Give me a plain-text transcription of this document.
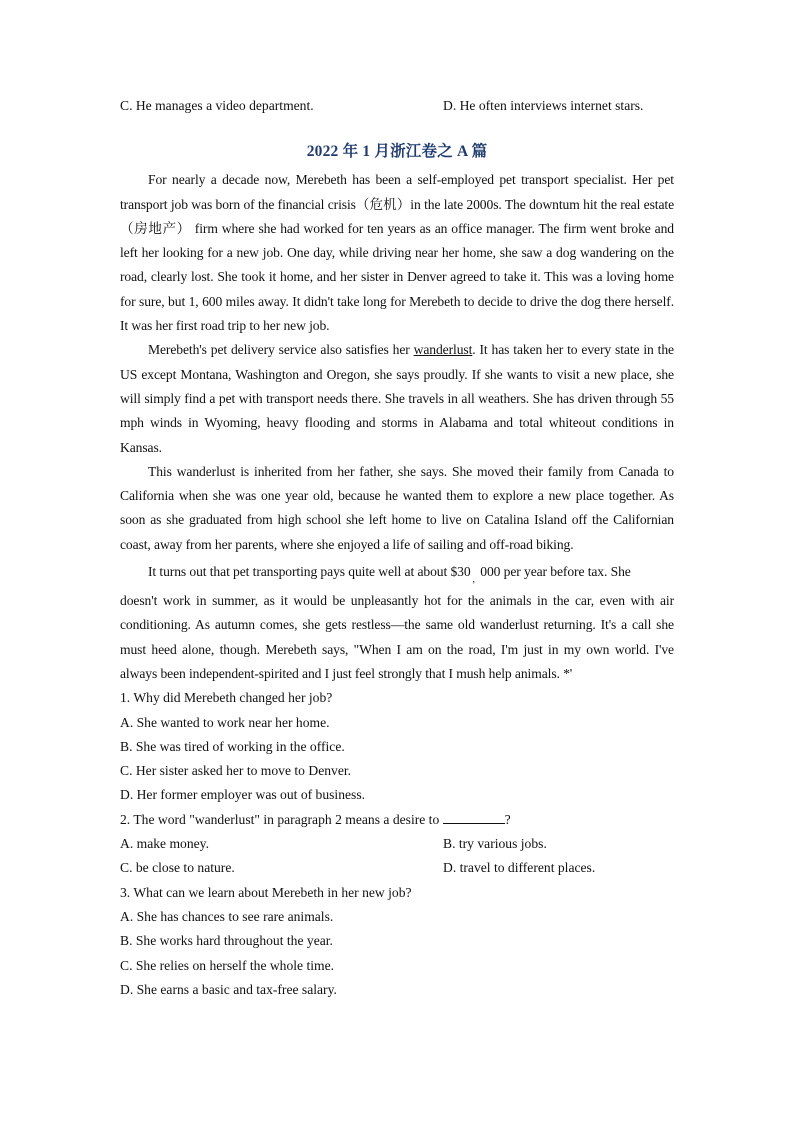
C. He manages a video department.	D. He often interviews internet stars.
2022 年 1 月浙江卷之 A 篇

For nearly a decade now, Merebeth has been a self-employed pet transport specialist. Her pet transport job was born of the financial crisis（危机）in the late 2000s. The downtum hit the real estate （房地产） firm where she had worked for ten years as an office manager. The firm went broke and left her looking for a new job. One day, while driving near her home, she saw a dog wandering on the road, clearly lost. She took it home, and her sister in Denver agreed to take it. This was a loving home for sure, but 1, 600 miles away. It didn't take long for Merebeth to decide to drive the dog there herself. It was her first road trip to her new job.

Merebeth's pet delivery service also satisfies her wanderlust. It has taken her to every state in the US except Montana, Washington and Oregon, she says proudly. If she wants to visit a new place, she will simply find a pet with transport needs there. She travels in all weathers. She has driven through 55 mph winds in Wyoming, heavy flooding and storms in Alabama and total whiteout conditions in Kansas.

This wanderlust is inherited from her father, she says. She moved their family from Canada to California when she was one year old, because he wanted them to explore a new place together. As soon as she graduated from high school she left home to live on Catalina Island off the Californian coast, away from her parents, where she enjoyed a life of sailing and off-road biking.

It turns out that pet transporting pays quite well at about $\$30_,$ 000 per year before tax. She

doesn't work in summer, as it would be unpleasantly hot for the animals in the car, even with air conditioning. As autumn comes, she gets restless—the same old wanderlust returning. It's a call she must heed alone, though. Merebeth says, "When I am on the road, I'm just in my own world. I've always been independent-spirited and I just feel strongly that I mush help animals. *'

1. Why did Merebeth changed her job?

A. She wanted to work near her home.

B. She was tired of working in the office.

C. Her sister asked her to move to Denver.

D. Her former employer was out of business.

2. The word "wanderlust" in paragraph 2 means a desire to	?

A. make money.	B. try various jobs.
C. be close to nature.	D. travel to different places.

3. What can we learn about Merebeth in her new job?

A. She has chances to see rare animals.

B. She works hard throughout the year.

C. She relies on herself the whole time.

D. She earns a basic and tax-free salary.
